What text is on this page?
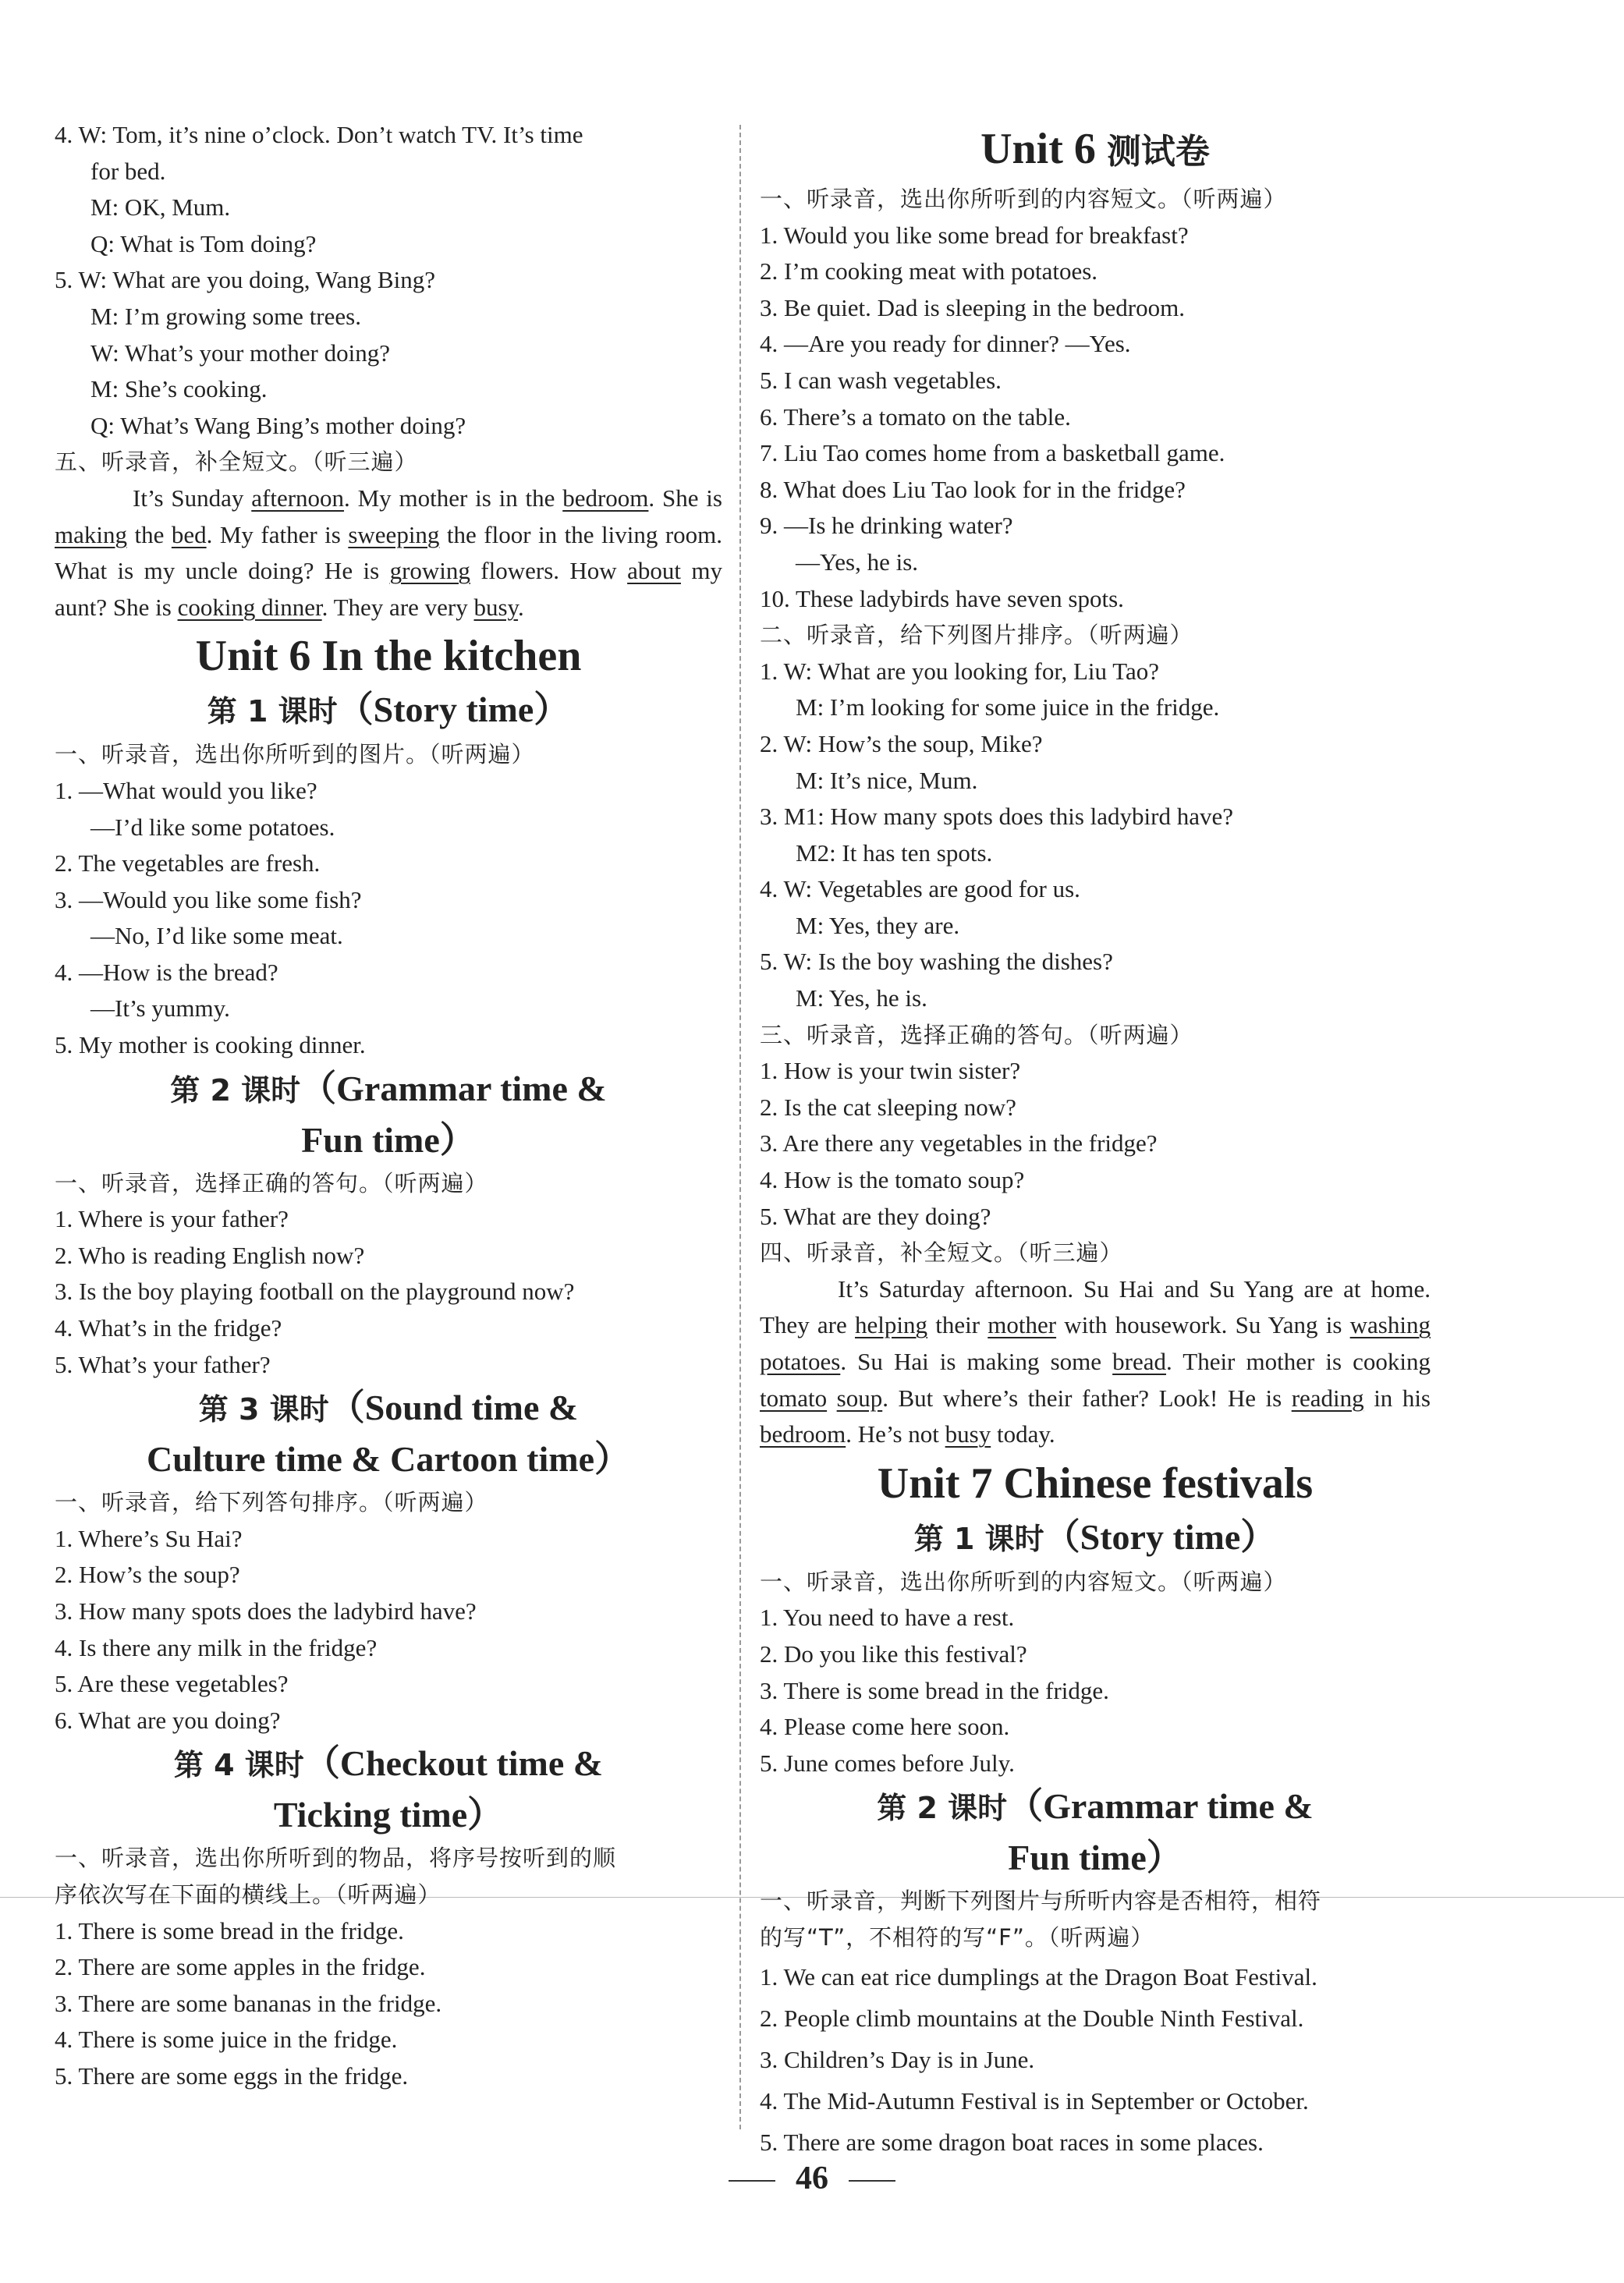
4. W: Tom, it’s nine o’clock. Don’t watch TV. It’s time
for bed.
M: OK, Mum.
Q: What is Tom doing?
5. W: What are you doing, Wang Bing?
M: I’m growing some trees.
W: What’s your mother doing?
M: She’s cooking.
Q: What’s Wang Bing’s mother doing?
五、听录音，补全短文。（听三遍）
It’s Sunday afternoon. My mother is in the bedroom. She is making the bed. My father is sweeping the floor in the living room. What is my uncle doing? He is growing flowers. How about my aunt? She is cooking dinner. They are very busy.
Unit 6 In the kitchen
第 1 课时（Story time）
一、听录音，选出你所听到的图片。（听两遍）
1. —What would you like?
—I’d like some potatoes.
2. The vegetables are fresh.
3. —Would you like some fish?
—No, I’d like some meat.
4. —How is the bread?
—It’s yummy.
5. My mother is cooking dinner.
第 2 课时（Grammar time &
Fun time）
一、听录音，选择正确的答句。（听两遍）
1. Where is your father?
2. Who is reading English now?
3. Is the boy playing football on the playground now?
4. What’s in the fridge?
5. What’s your father?
第 3 课时（Sound time &
Culture time & Cartoon time）
一、听录音，给下列答句排序。（听两遍）
1. Where’s Su Hai?
2. How’s the soup?
3. How many spots does the ladybird have?
4. Is there any milk in the fridge?
5. Are these vegetables?
6. What are you doing?
第 4 课时（Checkout time &
Ticking time）
一、听录音，选出你所听到的物品，将序号按听到的顺
序依次写在下面的横线上。（听两遍）
1. There is some bread in the fridge.
2. There are some apples in the fridge.
3. There are some bananas in the fridge.
4. There is some juice in the fridge.
5. There are some eggs in the fridge.
Unit 6 测试卷
一、听录音，选出你所听到的内容短文。（听两遍）
1. Would you like some bread for breakfast?
2. I’m cooking meat with potatoes.
3. Be quiet. Dad is sleeping in the bedroom.
4. —Are you ready for dinner? —Yes.
5. I can wash vegetables.
6. There’s a tomato on the table.
7. Liu Tao comes home from a basketball game.
8. What does Liu Tao look for in the fridge?
9. —Is he drinking water?
—Yes, he is.
10. These ladybirds have seven spots.
二、听录音，给下列图片排序。（听两遍）
1. W: What are you looking for, Liu Tao?
M: I’m looking for some juice in the fridge.
2. W: How’s the soup, Mike?
M: It’s nice, Mum.
3. M1: How many spots does this ladybird have?
M2: It has ten spots.
4. W: Vegetables are good for us.
M: Yes, they are.
5. W: Is the boy washing the dishes?
M: Yes, he is.
三、听录音，选择正确的答句。（听两遍）
1. How is your twin sister?
2. Is the cat sleeping now?
3. Are there any vegetables in the fridge?
4. How is the tomato soup?
5. What are they doing?
四、听录音，补全短文。（听三遍）
It’s Saturday afternoon. Su Hai and Su Yang are at home. They are helping their mother with housework. Su Yang is washing potatoes. Su Hai is making some bread. Their mother is cooking tomato soup. But where’s their father? Look! He is reading in his bedroom. He’s not busy today.
Unit 7 Chinese festivals
第 1 课时（Story time）
一、听录音，选出你所听到的内容短文。（听两遍）
1. You need to have a rest.
2. Do you like this festival?
3. There is some bread in the fridge.
4. Please come here soon.
5. June comes before July.
第 2 课时（Grammar time &
Fun time）
一、听录音，判断下列图片与所听内容是否相符，相符
的写“T”，不相符的写“F”。（听两遍）
1. We can eat rice dumplings at the Dragon Boat Festival.
2. People climb mountains at the Double Ninth Festival.
3. Children’s Day is in June.
4. The Mid-Autumn Festival is in September or October.
5. There are some dragon boat races in some places.
46
